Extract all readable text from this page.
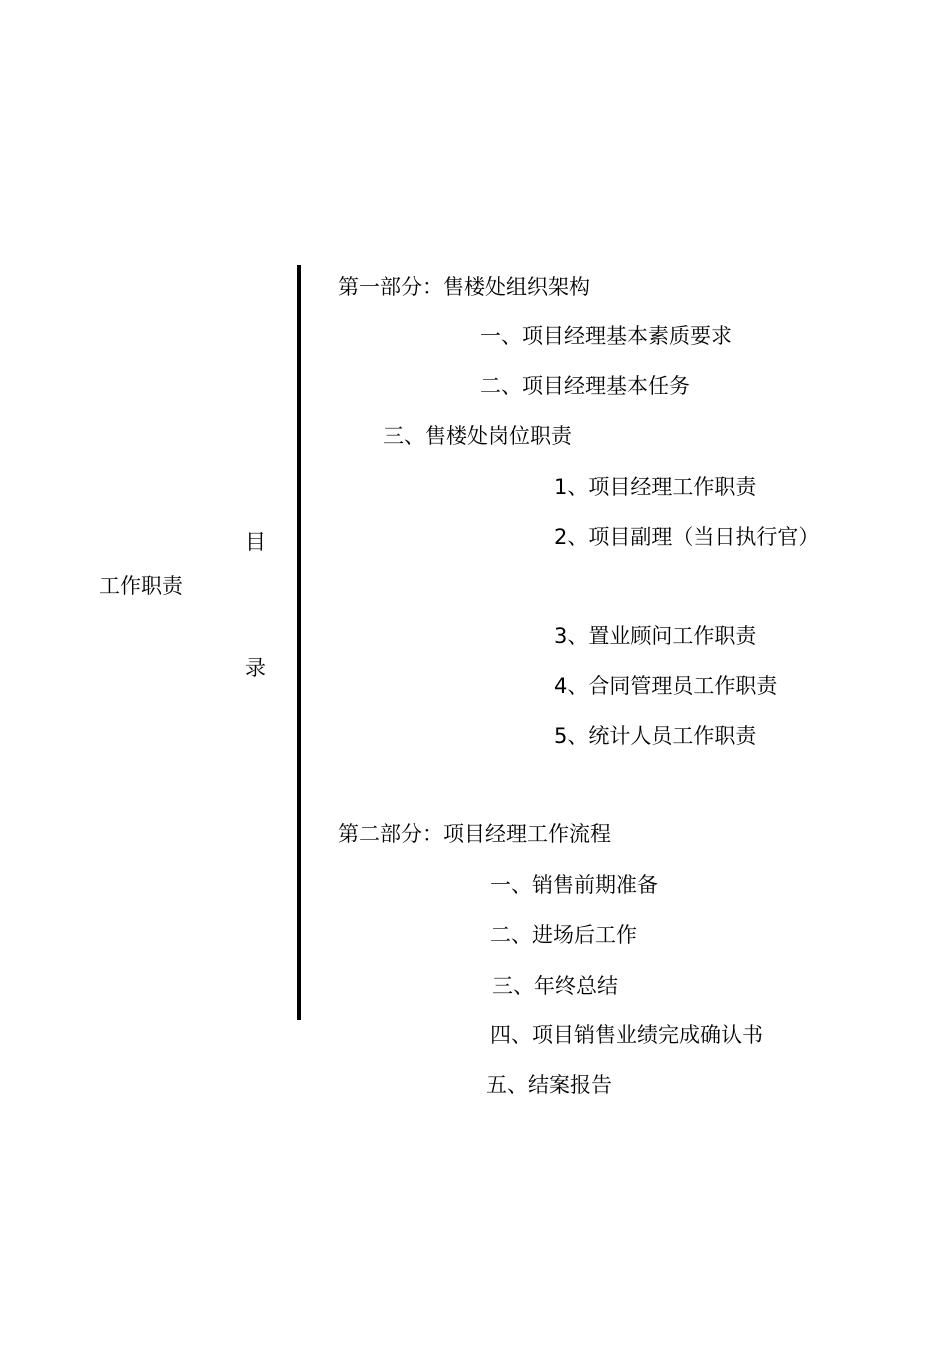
工作职责
目
录
第一部分：售楼处组织架构
一、项目经理基本素质要求
二、项目经理基本任务
三、售楼处岗位职责
1、项目经理工作职责
2、项目副理（当日执行官）
3、置业顾问工作职责
4、合同管理员工作职责
5、统计人员工作职责
第二部分：项目经理工作流程
一、销售前期准备
二、进场后工作
三、年终总结
四、项目销售业绩完成确认书
五、结案报告
